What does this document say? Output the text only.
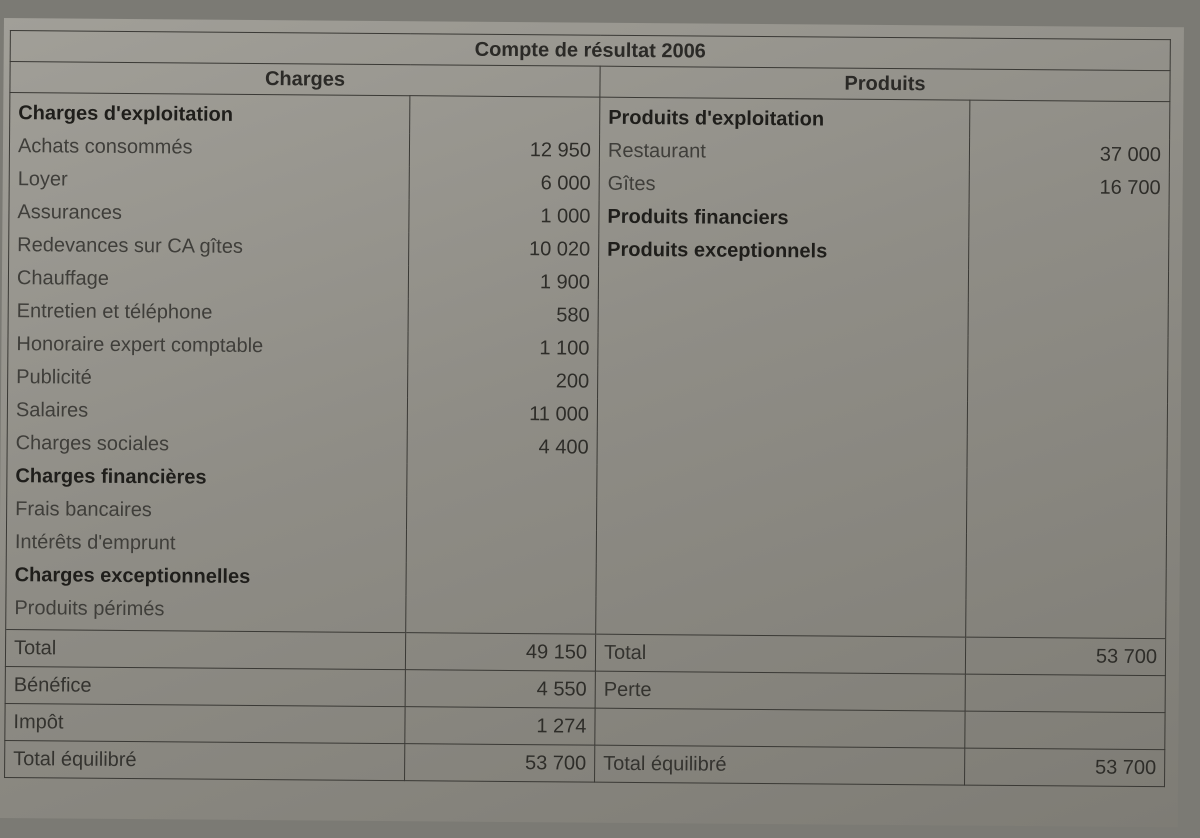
Compte de résultat 2006			
Charges		Produits	
Charges d'exploitation		Produits d'exploitation	
Achats consommés	12 950	Restaurant	37 000
Loyer	6 000	Gîtes	16 700
Assurances	1 000	Produits financiers	
Redevances sur CA gîtes	10 020	Produits exceptionnels	
Chauffage	1 900		
Entretien et téléphone	580		
Honoraire expert comptable	1 100		
Publicité	200		
Salaires	11 000		
Charges sociales	4 400		
Charges financières			
Frais bancaires			
Intérêts d'emprunt			
Charges exceptionnelles			
Produits périmés			
Total	49 150	Total	53 700
Bénéfice	4 550	Perte	
Impôt	1 274		
Total équilibré	53 700	Total équilibré	53 700
